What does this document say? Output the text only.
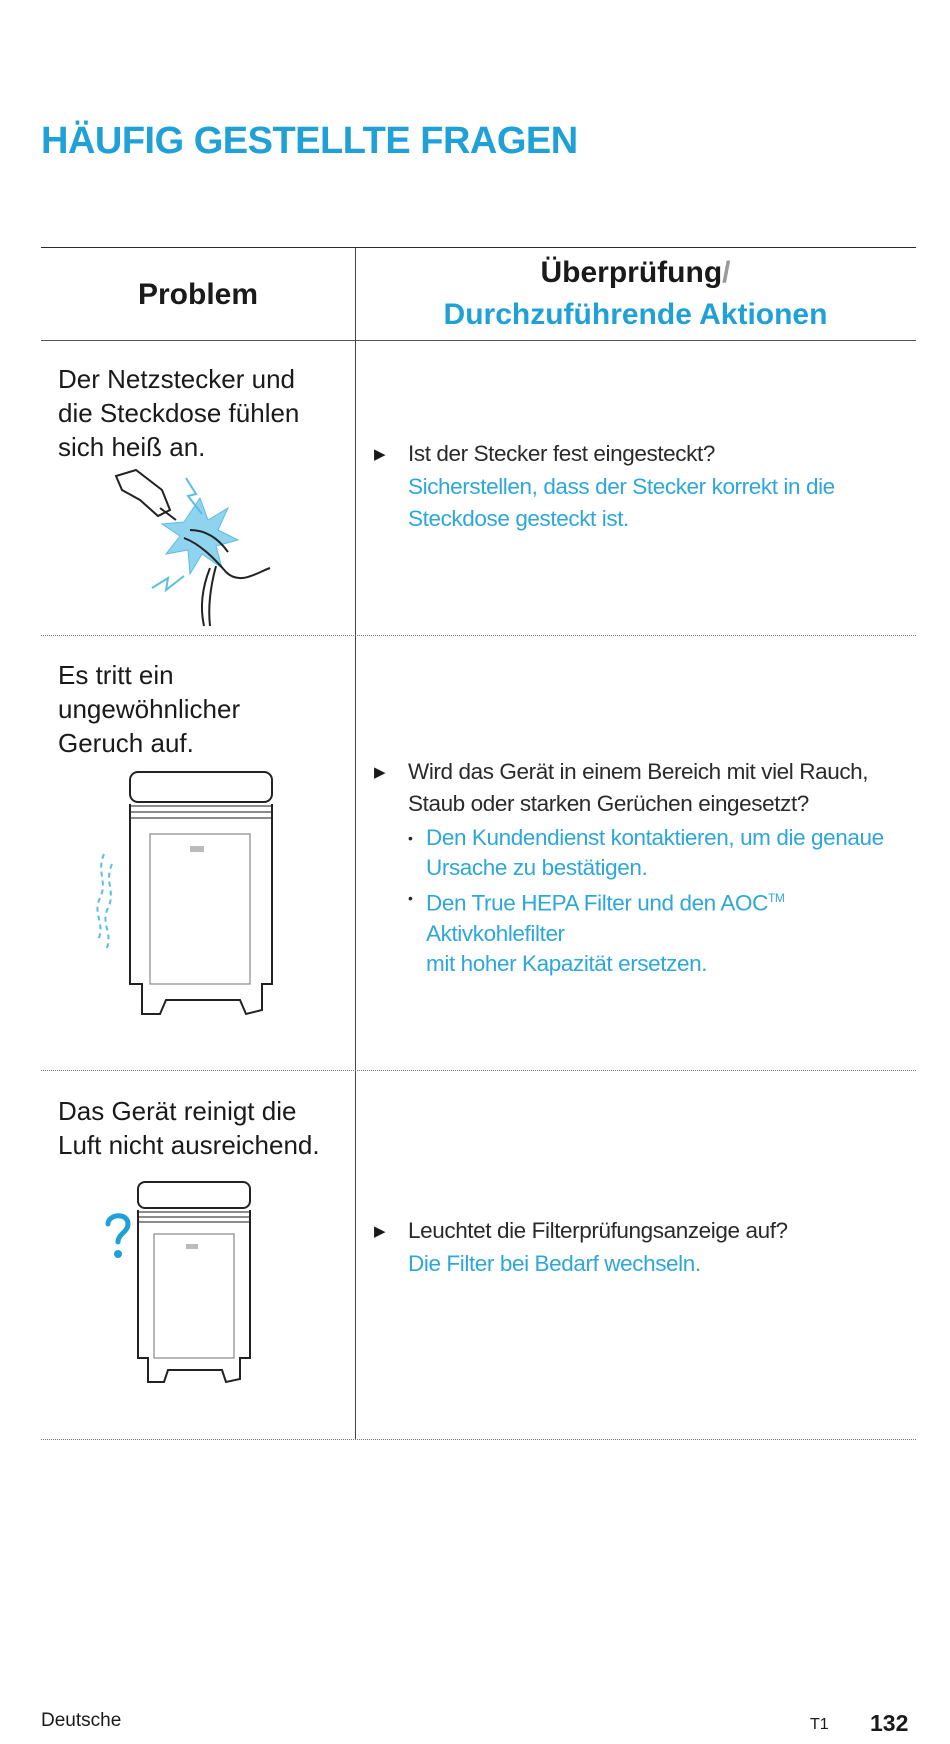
HÄUFIG GESTELLTE FRAGEN
Problem
Überprüfung/
Durchzuführende Aktionen
Der Netzstecker und
die Steckdose fühlen
sich heiß an.	▶	Ist der Stecker fest eingesteckt?
Sicherstellen, dass der Stecker korrekt in die
Steckdose gesteckt ist.
Es tritt ein
ungewöhnlicher
Geruch auf.
▶	Wird das Gerät in einem Bereich mit viel Rauch,
Staub oder starken Gerüchen eingesetzt?
• Den Kundendienst kontaktieren, um die genaue
Ursache zu bestätigen.
• Den True HEPA Filter und den AOC™ Aktivkohlefilter
mit hoher Kapazität ersetzen.
Das Gerät reinigt die
Luft nicht ausreichend.
▶	Leuchtet die Filterprüfungsanzeige auf?
Die Filter bei Bedarf wechseln.
Deutsche	T1 132
